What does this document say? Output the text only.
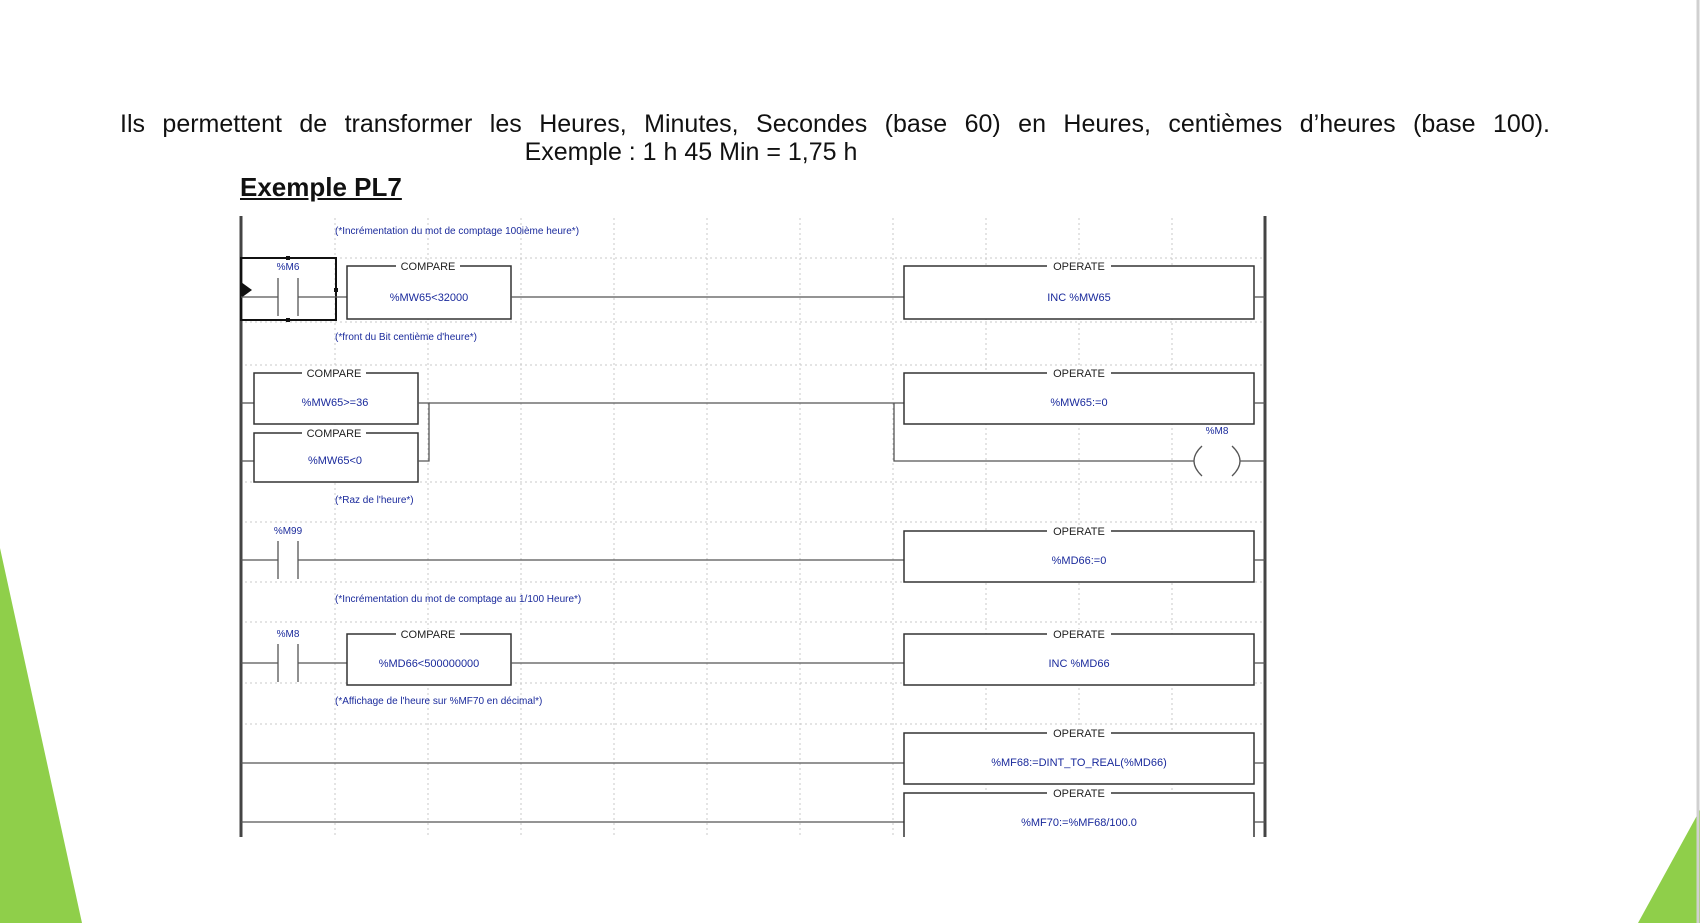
Ils permettent de transformer les Heures, Minutes, Secondes (base 60) en Heures, centièmes d’heures (base 100).
Exemple : 1 h 45 Min = 1,75 h
Exemple PL7
(*Incrémentation du mot de comptage 100ième heure*)
(*front du Bit centième d'heure*)
(*Raz de l'heure*)
(*Incrémentation du mot de comptage au 1/100 Heure*)
(*Affichage de l'heure sur %MF70 en décimal*)
%M6	COMPARE
%MW65<32000
OPERATE
INC %MW65
COMPARE
%MW65>=36
COMPARE
%MW65<0
OPERATE
%MW65:=0
%M8
%M99	OPERATE
%MD66:=0
%M8	COMPARE
%MD66<500000000
OPERATE
INC %MD66
OPERATE
%MF68:=DINT_TO_REAL(%MD66)
OPERATE
%MF70:=%MF68/100.0
